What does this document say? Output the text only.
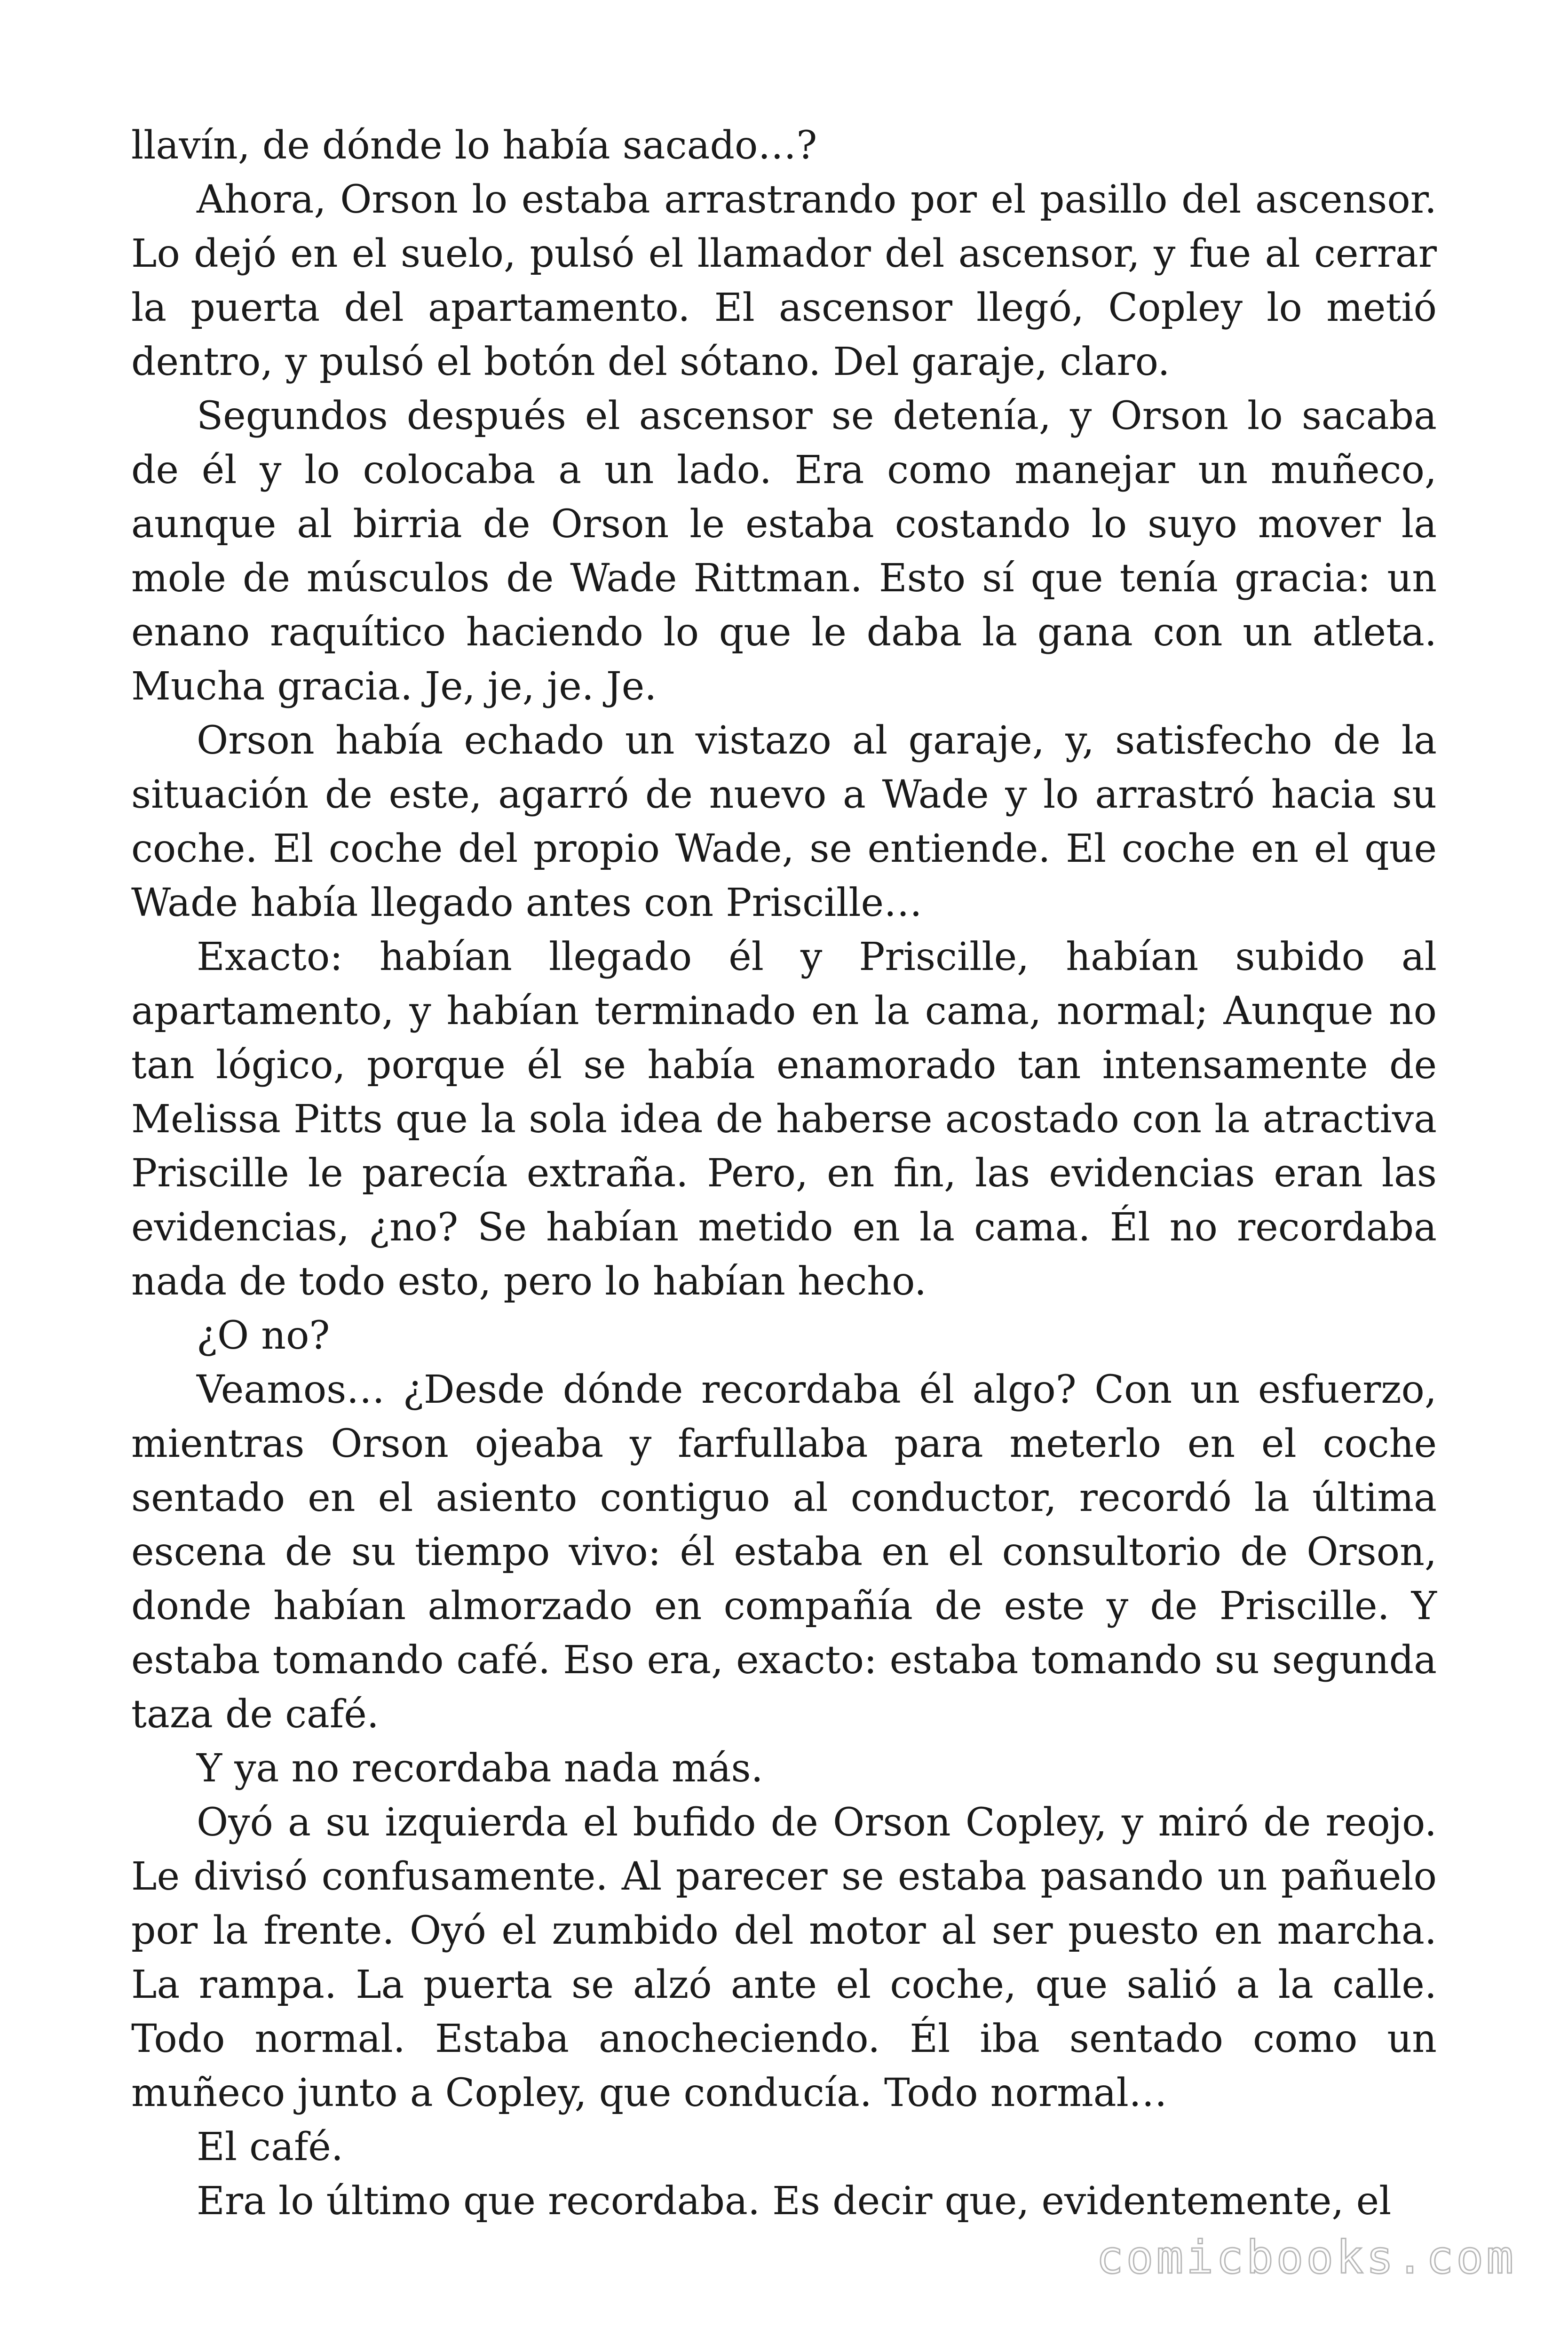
llavín, de dónde lo había sacado…?

Ahora, Orson lo estaba arrastrando por el pasillo del ascensor. Lo dejó en el suelo, pulsó el llamador del ascensor, y fue al cerrar la puerta del apartamento. El ascensor llegó, Copley lo metió dentro, y pulsó el botón del sótano. Del garaje, claro.

Segundos después el ascensor se detenía, y Orson lo sacaba de él y lo colocaba a un lado. Era como manejar un muñeco, aunque al birria de Orson le estaba costando lo suyo mover la mole de músculos de Wade Rittman. Esto sí que tenía gracia: un enano raquítico haciendo lo que le daba la gana con un atleta. Mucha gracia. Je, je, je. Je.

Orson había echado un vistazo al garaje, y, satisfecho de la situación de este, agarró de nuevo a Wade y lo arrastró hacia su coche. El coche del propio Wade, se entiende. El coche en el que Wade había llegado antes con Priscille…

Exacto: habían llegado él y Priscille, habían subido al apartamento, y habían terminado en la cama, normal; Aunque no tan lógico, porque él se había enamorado tan intensamente de Melissa Pitts que la sola idea de haberse acostado con la atractiva Priscille le parecía extraña. Pero, en fin, las evidencias eran las evidencias, ¿no? Se habían metido en la cama. Él no recordaba nada de todo esto, pero lo habían hecho.

¿O no?

Veamos… ¿Desde dónde recordaba él algo? Con un esfuerzo, mientras Orson ojeaba y farfullaba para meterlo en el coche sentado en el asiento contiguo al conductor, recordó la última escena de su tiempo vivo: él estaba en el consultorio de Orson, donde habían almorzado en compañía de este y de Priscille. Y estaba tomando café. Eso era, exacto: estaba tomando su segunda taza de café.

Y ya no recordaba nada más.

Oyó a su izquierda el bufido de Orson Copley, y miró de reojo. Le divisó confusamente. Al parecer se estaba pasando un pañuelo por la frente. Oyó el zumbido del motor al ser puesto en marcha. La rampa. La puerta se alzó ante el coche, que salió a la calle. Todo normal. Estaba anocheciendo. Él iba sentado como un muñeco junto a Copley, que conducía. Todo normal…

El café.

Era lo último que recordaba. Es decir que, evidentemente, el

comicbooks.com
